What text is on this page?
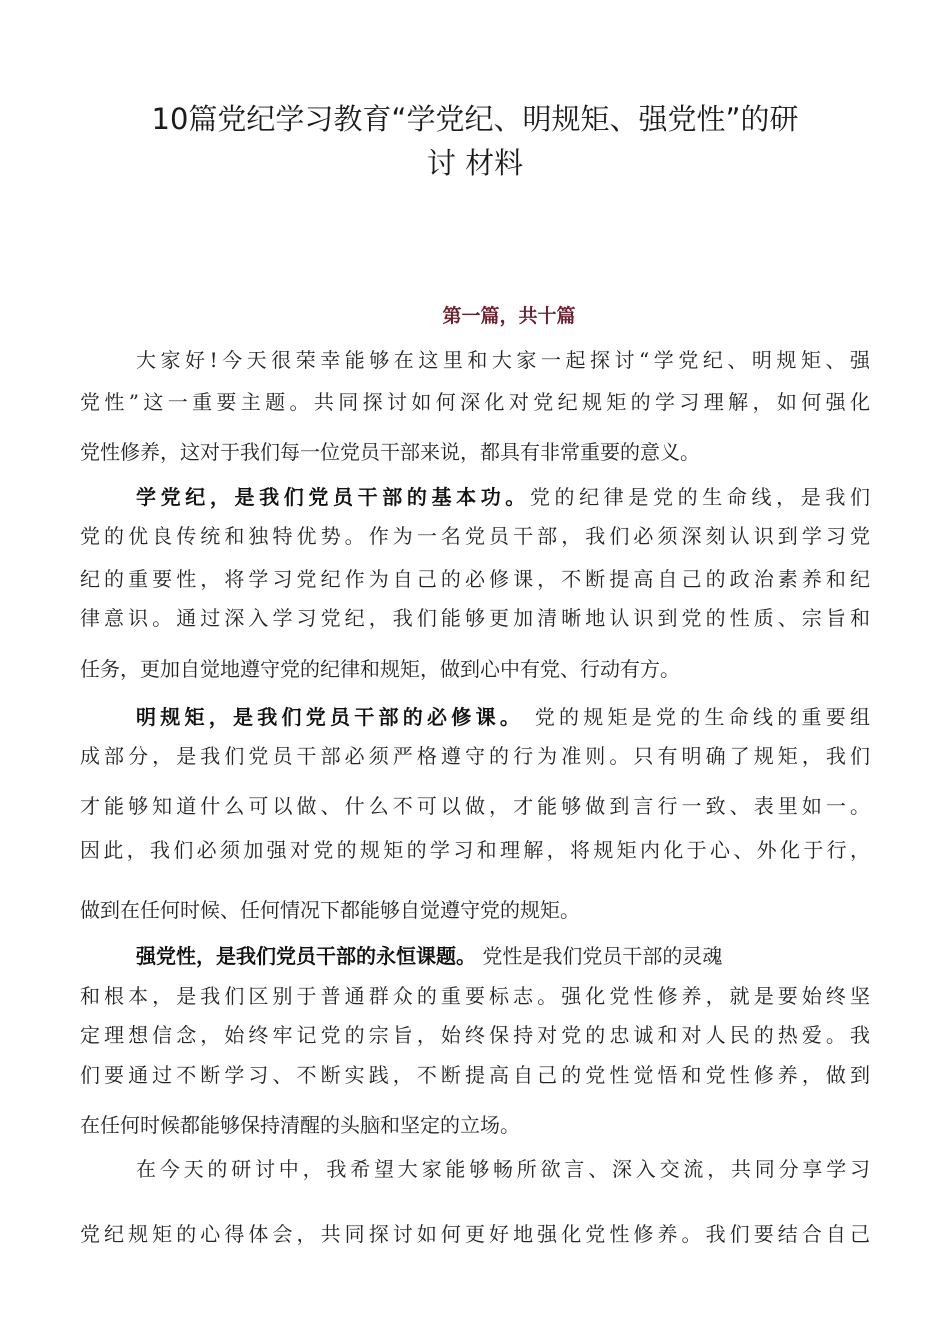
10篇党纪学习教育“学党纪、明规矩、强党性”的研
讨 材料
第一篇，共十篇
大家好!今天很荣幸能够在这里和大家一起探讨“学党纪、明规矩、强
党性”这一重要主题。共同探讨如何深化对党纪规矩的学习理解，如何强化
党性修养，这对于我们每一位党员干部来说，都具有非常重要的意义。
学党纪，是我们党员干部的基本功。党的纪律是党的生命线，是我们
党的优良传统和独特优势。作为一名党员干部，我们必须深刻认识到学习党
纪的重要性，将学习党纪作为自己的必修课，不断提高自己的政治素养和纪
律意识。通过深入学习党纪，我们能够更加清晰地认识到党的性质、宗旨和
任务，更加自觉地遵守党的纪律和规矩，做到心中有党、行动有方。
明规矩，是我们党员干部的必修课。 党的规矩是党的生命线的重要组
成部分，是我们党员干部必须严格遵守的行为准则。只有明确了规矩，我们
才能够知道什么可以做、什么不可以做，才能够做到言行一致、表里如一。
因此，我们必须加强对党的规矩的学习和理解，将规矩内化于心、外化于行，
做到在任何时候、任何情况下都能够自觉遵守党的规矩。
强党性，是我们党员干部的永恒课题。 党性是我们党员干部的灵魂
和根本，是我们区别于普通群众的重要标志。强化党性修养，就是要始终坚
定理想信念，始终牢记党的宗旨，始终保持对党的忠诚和对人民的热爱。我
们要通过不断学习、不断实践，不断提高自己的党性觉悟和党性修养，做到
在任何时候都能够保持清醒的头脑和坚定的立场。
在今天的研讨中，我希望大家能够畅所欲言、深入交流，共同分享学习
党纪规矩的心得体会，共同探讨如何更好地强化党性修养。我们要结合自己
